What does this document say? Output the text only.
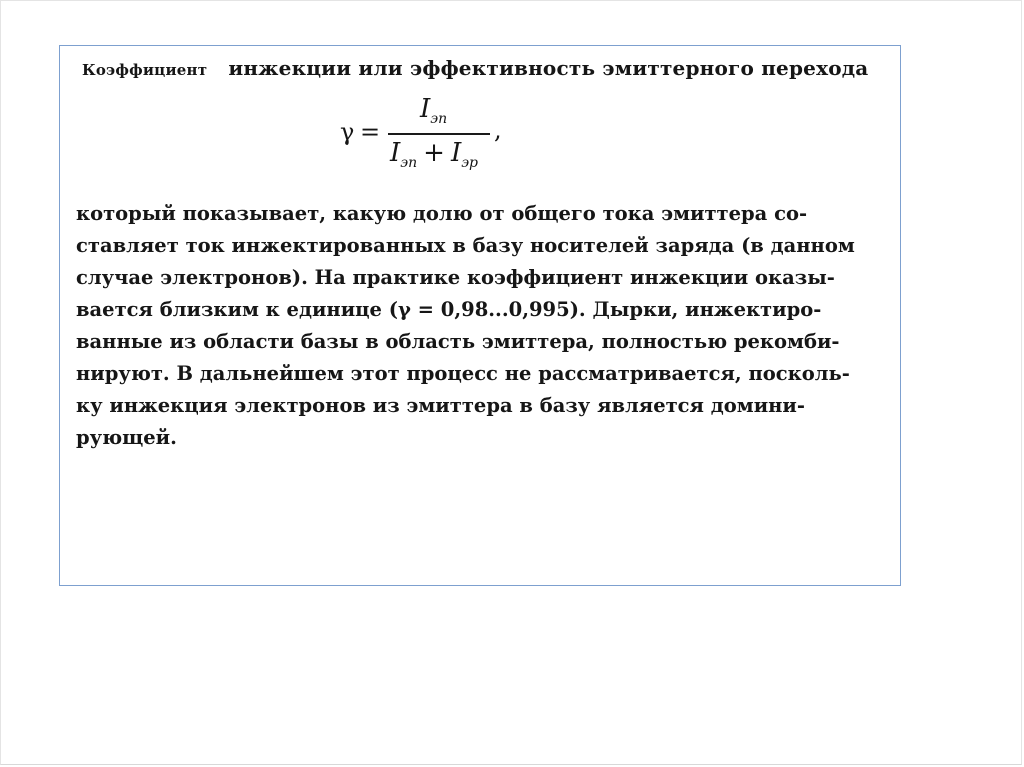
Коэффициент инжекции или эффективность эмиттерного перехода
γ =
$I_{эп}$
$I_{эп} + I_{эр}$
,
который показывает, какую долю от общего тока эмиттера со-
ставляет ток инжектированных в базу носителей заряда (в данном
случае электронов). На практике коэффициент инжекции оказы-
вается близким к единице (γ = 0,98...0,995). Дырки, инжектиро-
ванные из области базы в область эмиттера, полностью рекомби-
нируют. В дальнейшем этот процесс не рассматривается, посколь-
ку инжекция электронов из эмиттера в базу является домини-
рующей.
